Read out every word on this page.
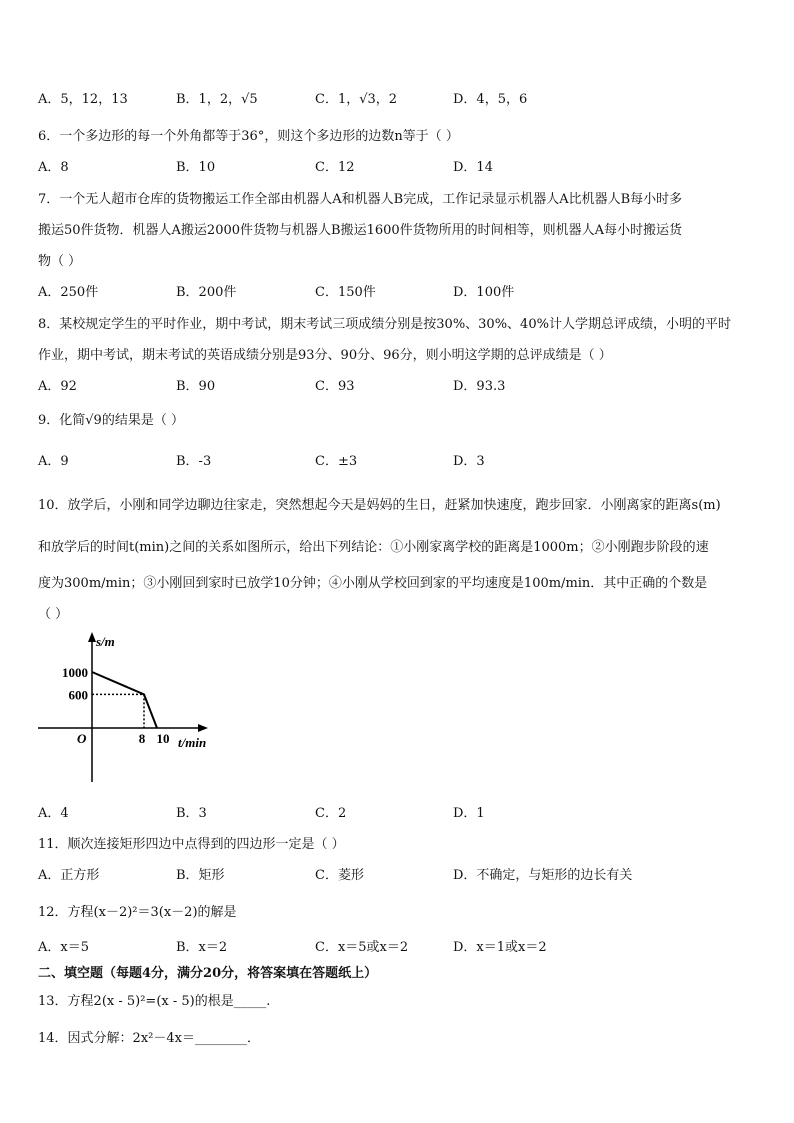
A．5，12，13	B．1，2，√5	C．1，√3，2	D．4，5，6
6．一个多边形的每一个外角都等于36°，则这个多边形的边数n等于（ ）
A．8	B．10	C．12	D．14
7．一个无人超市仓库的货物搬运工作全部由机器人A和机器人B完成，工作记录显示机器人A比机器人B每小时多
搬运50件货物．机器人A搬运2000件货物与机器人B搬运1600件货物所用的时间相等，则机器人A每小时搬运货
物（ ）
A．250件	B．200件	C．150件	D．100件
8．某校规定学生的平时作业，期中考试，期末考试三项成绩分别是按30%、30%、40%计人学期总评成绩，小明的平时
作业，期中考试，期末考试的英语成绩分别是93分、90分、96分，则小明这学期的总评成绩是（ ）
A．92	B．90	C．93	D．93.3
9．化简√9的结果是（ ）
A．9	B．-3	C．±3	D．3
10．放学后，小刚和同学边聊边往家走，突然想起今天是妈妈的生日，赶紧加快速度，跑步回家．小刚离家的距离s(m)
和放学后的时间t(min)之间的关系如图所示，给出下列结论：①小刚家离学校的距离是1000m；②小刚跑步阶段的速
度为300m/min；③小刚回到家时已放学10分钟；④小刚从学校回到家的平均速度是100m/min．其中正确的个数是
（ ）
s/m
t/min
O
1000
600
8 10
A．4	B．3	C．2	D．1
11．顺次连接矩形四边中点得到的四边形一定是（ ）
A．正方形	B．矩形	C．菱形	D．不确定，与矩形的边长有关
12．方程(x－2)²＝3(x－2)的解是
A．x＝5	B．x＝2	C．x＝5或x＝2	D．x＝1或x＝2
二、填空题（每题4分，满分20分，将答案填在答题纸上）
13．方程2(x - 5)²=(x - 5)的根是_____.
14．因式分解：2x²－4x＝________．
